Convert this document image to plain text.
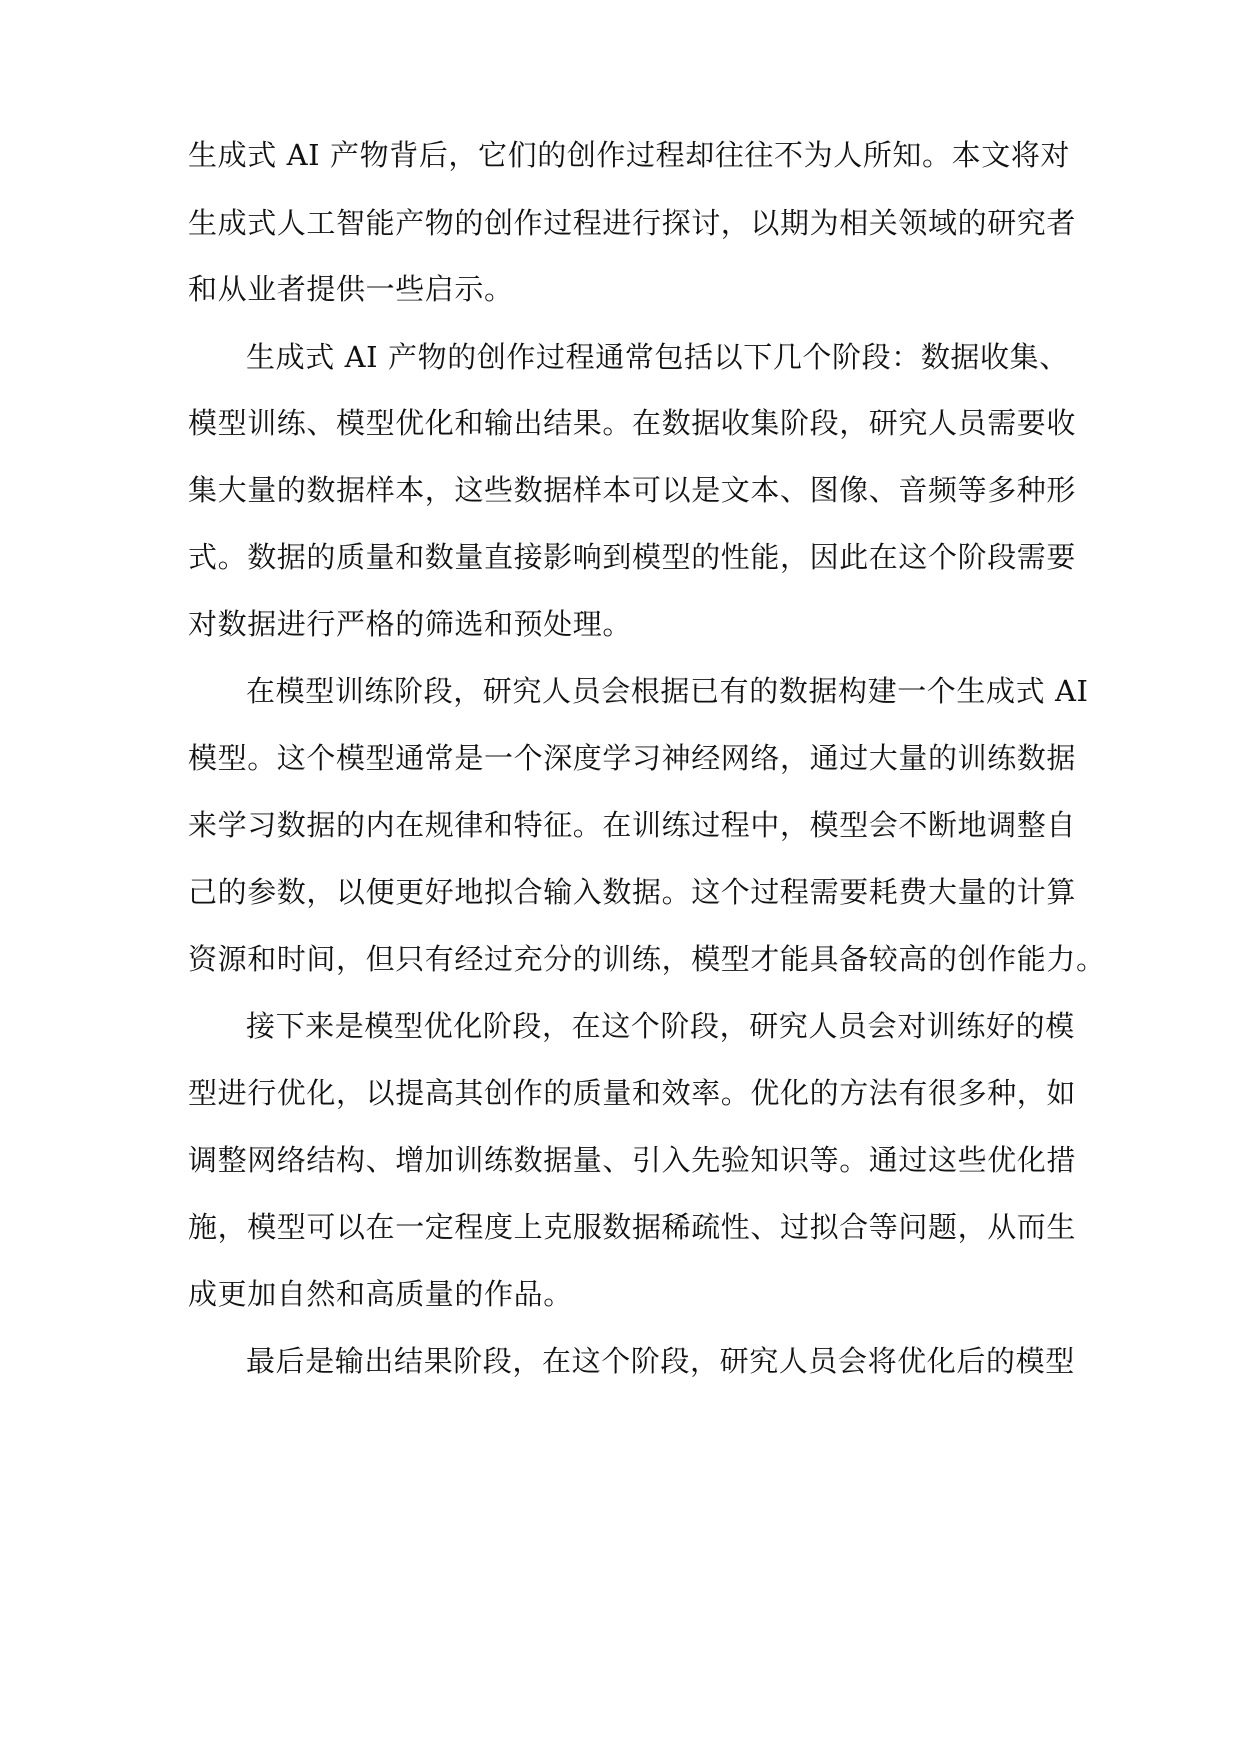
生成式 AI 产物背后，它们的创作过程却往往不为人所知。本文将对
生成式人工智能产物的创作过程进行探讨，以期为相关领域的研究者
和从业者提供一些启示。
生成式 AI 产物的创作过程通常包括以下几个阶段：数据收集、
模型训练、模型优化和输出结果。在数据收集阶段，研究人员需要收
集大量的数据样本，这些数据样本可以是文本、图像、音频等多种形
式。数据的质量和数量直接影响到模型的性能，因此在这个阶段需要
对数据进行严格的筛选和预处理。
在模型训练阶段，研究人员会根据已有的数据构建一个生成式 AI
模型。这个模型通常是一个深度学习神经网络，通过大量的训练数据
来学习数据的内在规律和特征。在训练过程中，模型会不断地调整自
己的参数，以便更好地拟合输入数据。这个过程需要耗费大量的计算
资源和时间，但只有经过充分的训练，模型才能具备较高的创作能力。
接下来是模型优化阶段，在这个阶段，研究人员会对训练好的模
型进行优化，以提高其创作的质量和效率。优化的方法有很多种，如
调整网络结构、增加训练数据量、引入先验知识等。通过这些优化措
施，模型可以在一定程度上克服数据稀疏性、过拟合等问题，从而生
成更加自然和高质量的作品。
最后是输出结果阶段，在这个阶段，研究人员会将优化后的模型
